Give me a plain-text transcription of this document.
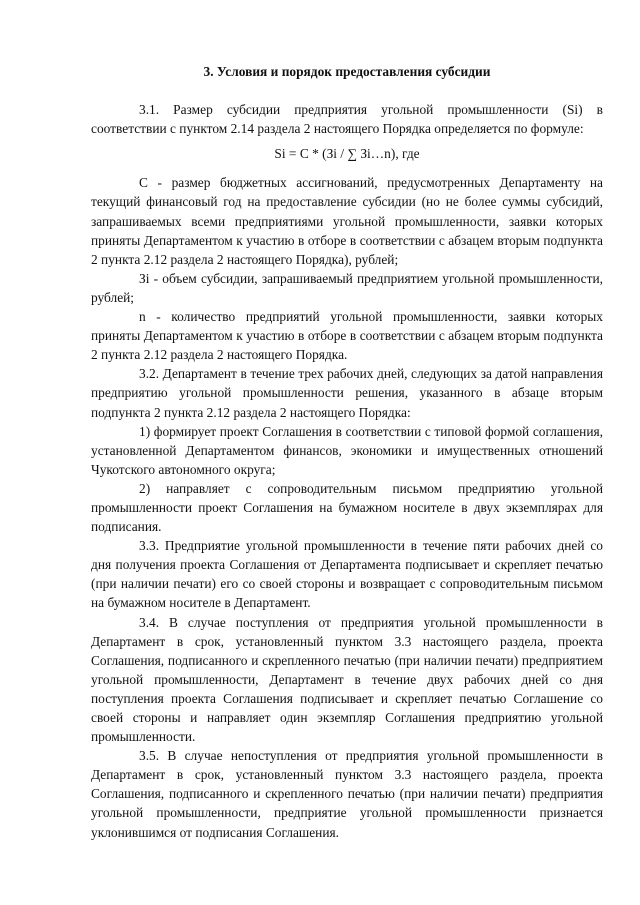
3. Условия и порядок предоставления субсидии

3.1. Размер субсидии предприятия угольной промышленности (Si) в соответствии с пунктом 2.14 раздела 2 настоящего Порядка определяется по формуле:

Si = C * (Зi / ∑ Зi…n), где

С - размер бюджетных ассигнований, предусмотренных Департаменту на текущий финансовый год на предоставление субсидии (но не более суммы субсидий, запрашиваемых всеми предприятиями угольной промышленности, заявки которых приняты Департаментом к участию в отборе в соответствии с абзацем вторым подпункта 2 пункта 2.12 раздела 2 настоящего Порядка), рублей;

Зi - объем субсидии, запрашиваемый предприятием угольной промышленности, рублей;

n - количество предприятий угольной промышленности, заявки которых приняты Департаментом к участию в отборе в соответствии с абзацем вторым подпункта 2 пункта 2.12 раздела 2 настоящего Порядка.

3.2. Департамент в течение трех рабочих дней, следующих за датой направления предприятию угольной промышленности решения, указанного в абзаце вторым подпункта 2 пункта 2.12 раздела 2 настоящего Порядка:

1) формирует проект Соглашения в соответствии с типовой формой соглашения, установленной Департаментом финансов, экономики и имущественных отношений Чукотского автономного округа;

2) направляет с сопроводительным письмом предприятию угольной промышленности проект Соглашения на бумажном носителе в двух экземплярах для подписания.

3.3. Предприятие угольной промышленности в течение пяти рабочих дней со дня получения проекта Соглашения от Департамента подписывает и скрепляет печатью (при наличии печати) его со своей стороны и возвращает с сопроводительным письмом на бумажном носителе в Департамент.

3.4. В случае поступления от предприятия угольной промышленности в Департамент в срок, установленный пунктом 3.3 настоящего раздела, проекта Соглашения, подписанного и скрепленного печатью (при наличии печати) предприятием угольной промышленности, Департамент в течение двух рабочих дней со дня поступления проекта Соглашения подписывает и скрепляет печатью Соглашение со своей стороны и направляет один экземпляр Соглашения предприятию угольной промышленности.

3.5. В случае непоступления от предприятия угольной промышленности в Департамент в срок, установленный пунктом 3.3 настоящего раздела, проекта Соглашения, подписанного и скрепленного печатью (при наличии печати) предприятия угольной промышленности, предприятие угольной промышленности признается уклонившимся от подписания Соглашения.
